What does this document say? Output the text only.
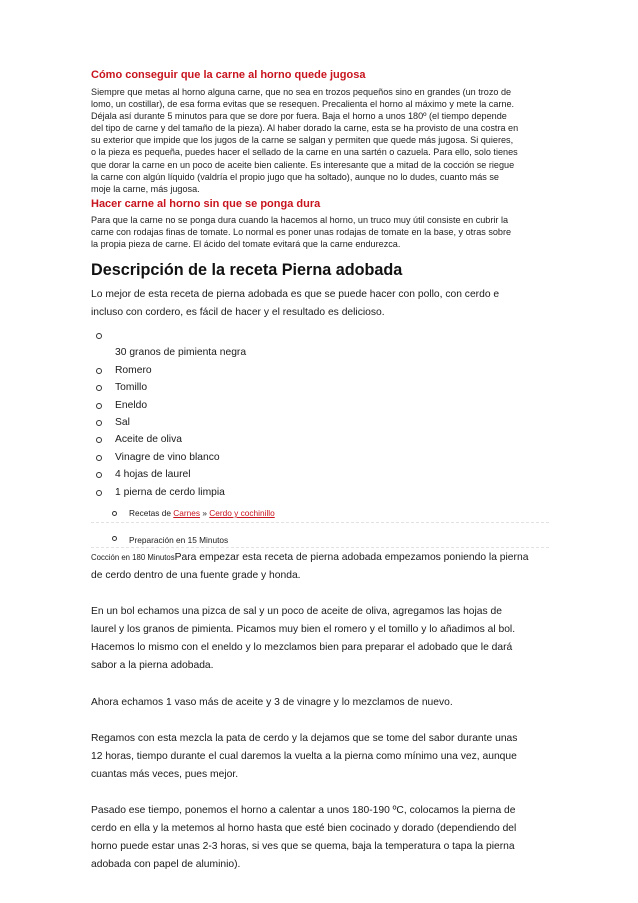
Cómo conseguir que la carne al horno quede jugosa
Siempre que metas al horno alguna carne, que no sea en trozos pequeños sino en grandes (un trozo de
lomo, un costillar), de esa forma evitas que se resequen. Precalienta el horno al máximo y mete la carne.
Déjala así durante 5 minutos para que se dore por fuera. Baja el horno a unos 180º (el tiempo depende
del tipo de carne y del tamaño de la pieza). Al haber dorado la carne, esta se ha provisto de una costra en
su exterior que impide que los jugos de la carne se salgan y permiten que quede más jugosa. Si quieres,
o la pieza es pequeña, puedes hacer el sellado de la carne en una sartén o cazuela. Para ello, solo tienes
que dorar la carne en un poco de aceite bien caliente. Es interesante que a mitad de la cocción se riegue
la carne con algún líquido (valdría el propio jugo que ha soltado), aunque no lo dudes, cuanto más se
moje la carne, más jugosa.
Hacer carne al horno sin que se ponga dura
Para que la carne no se ponga dura cuando la hacemos al horno, un truco muy útil consiste en cubrir la
carne con rodajas finas de tomate. Lo normal es poner unas rodajas de tomate en la base, y otras sobre
la propia pieza de carne. El ácido del tomate evitará que la carne endurezca.
Descripción de la receta Pierna adobada
Lo mejor de esta receta de pierna adobada es que se puede hacer con pollo, con cerdo e
incluso con cordero, es fácil de hacer y el resultado es delicioso.
30 granos de pimienta negra
Romero
Tomillo
Eneldo
Sal
Aceite de oliva
Vinagre de vino blanco
4 hojas de laurel
1 pierna de cerdo limpia
Recetas de Carnes » Cerdo y cochinillo
Preparación en 15 Minutos
Cocción en 180 MinutosPara empezar esta receta de pierna adobada empezamos poniendo la pierna
de cerdo dentro de una fuente grade y honda.
En un bol echamos una pizca de sal y un poco de aceite de oliva, agregamos las hojas de
laurel y los granos de pimienta. Picamos muy bien el romero y el tomillo y lo añadimos al bol.
Hacemos lo mismo con el eneldo y lo mezclamos bien para preparar el adobado que le dará
sabor a la pierna adobada.
Ahora echamos 1 vaso más de aceite y 3 de vinagre y lo mezclamos de nuevo.
Regamos con esta mezcla la pata de cerdo y la dejamos que se tome del sabor durante unas
12 horas, tiempo durante el cual daremos la vuelta a la pierna como mínimo una vez, aunque
cuantas más veces, pues mejor.
Pasado ese tiempo, ponemos el horno a calentar a unos 180-190 ºC, colocamos la pierna de
cerdo en ella y la metemos al horno hasta que esté bien cocinado y dorado (dependiendo del
horno puede estar unas 2-3 horas, si ves que se quema, baja la temperatura o tapa la pierna
adobada con papel de aluminio).
